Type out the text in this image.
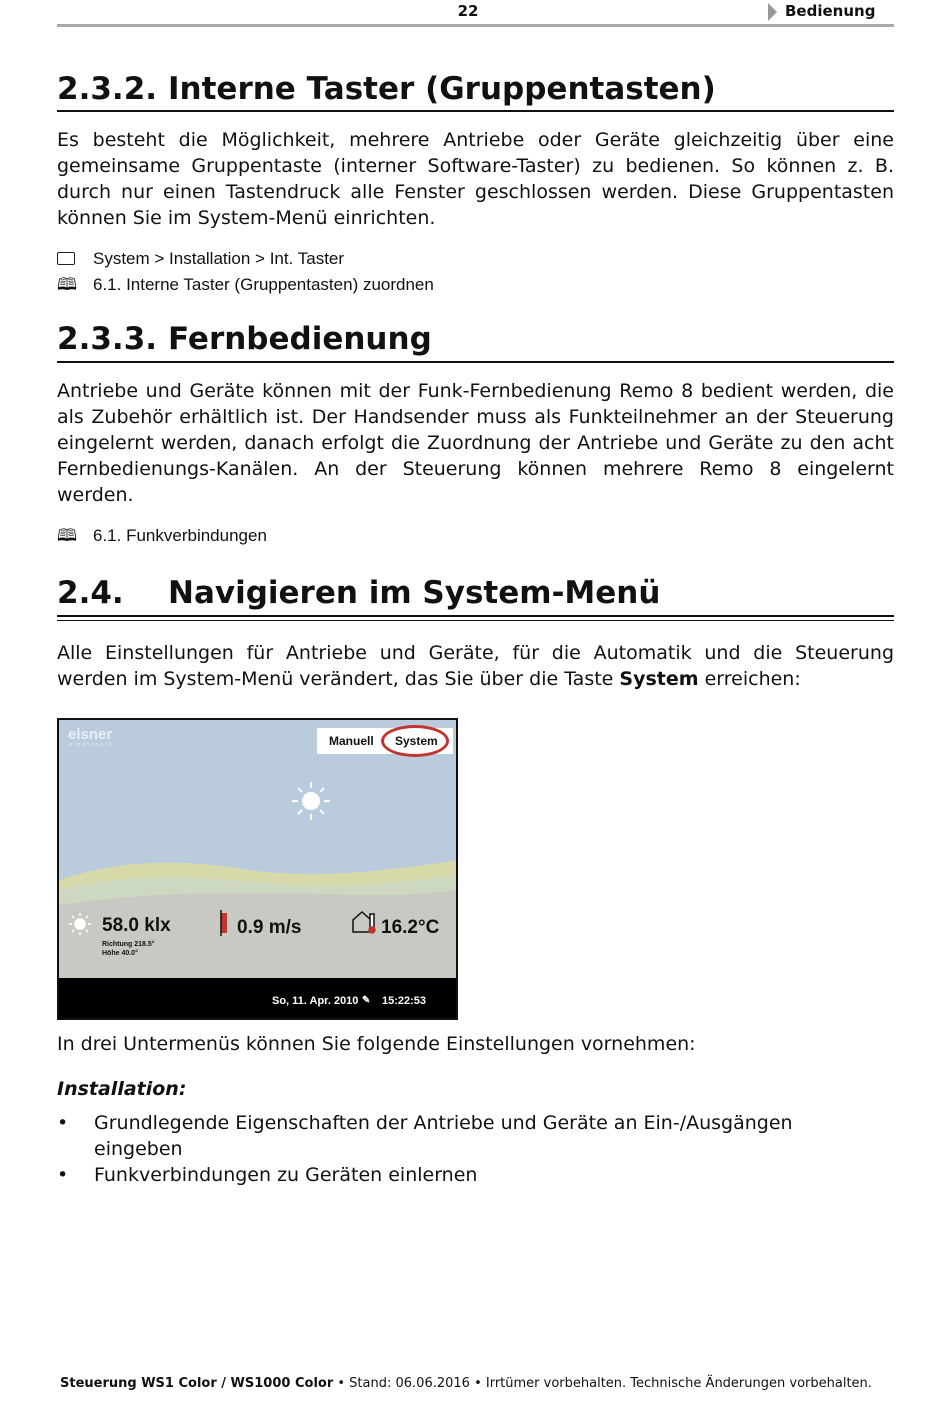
22	Bedienung
2.3.2. Interne Taster (Gruppentasten)
Es besteht die Möglichkeit, mehrere Antriebe oder Geräte gleichzeitig über eine gemeinsame Gruppentaste (interner Software-Taster) zu bedienen. So können z. B. durch nur einen Tastendruck alle Fenster geschlossen werden. Diese Gruppentasten können Sie im System-Menü einrichten.
System > Installation > Int. Taster
🕮 6.1. Interne Taster (Gruppentasten) zuordnen
2.3.3. Fernbedienung
Antriebe und Geräte können mit der Funk-Fernbedienung Remo 8 bedient werden, die als Zubehör erhältlich ist. Der Handsender muss als Funkteilnehmer an der Steuerung eingelernt werden, danach erfolgt die Zuordnung der Antriebe und Geräte zu den acht Fernbedienungs-Kanälen. An der Steuerung können mehrere Remo 8 eingelernt werden.
🕮 6.1. Funkverbindungen
2.4. Navigieren im System-Menü
Alle Einstellungen für Antriebe und Geräte, für die Automatik und die Steuerung werden im System-Menü verändert, das Sie über die Taste System erreichen:
elsner
elektronik	Manuell System
58.0 klx
Richtung 218.5°
Höhe 40.0°
0.9 m/s	16.2°C
So, 11. Apr. 2010 ✎ 15:22:53
In drei Untermenüs können Sie folgende Einstellungen vornehmen:
Installation:
• Grundlegende Eigenschaften der Antriebe und Geräte an Ein-/Ausgängen eingeben
• Funkverbindungen zu Geräten einlernen
Steuerung WS1 Color / WS1000 Color • Stand: 06.06.2016 • Irrtümer vorbehalten. Technische Änderungen vorbehalten.
